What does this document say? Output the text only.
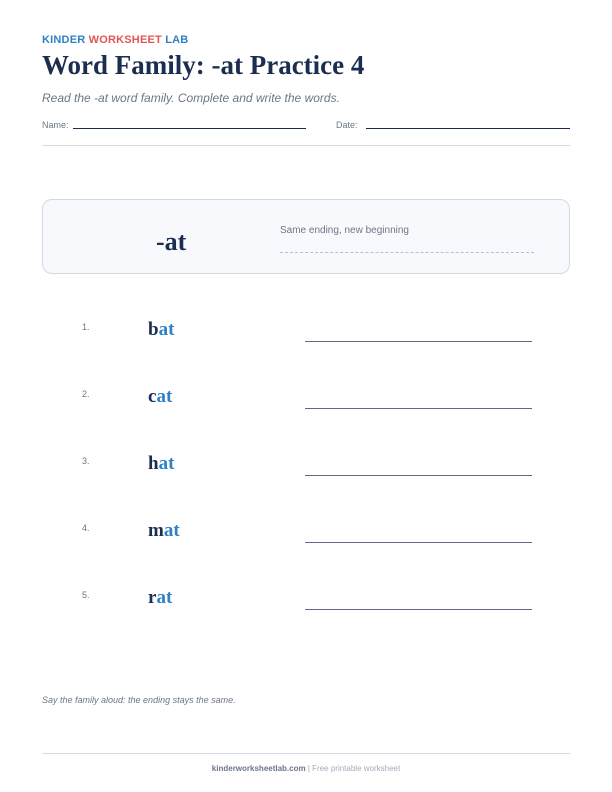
KINDER WORKSHEET LAB
Word Family: -at Practice 4
Read the -at word family. Complete and write the words.
Name:	Date:
-at	Same ending, new beginning
1.	bat
2.	cat
3.	hat
4.	mat
5.	rat
Say the family aloud: the ending stays the same.
kinderworksheetlab.com | Free printable worksheet
